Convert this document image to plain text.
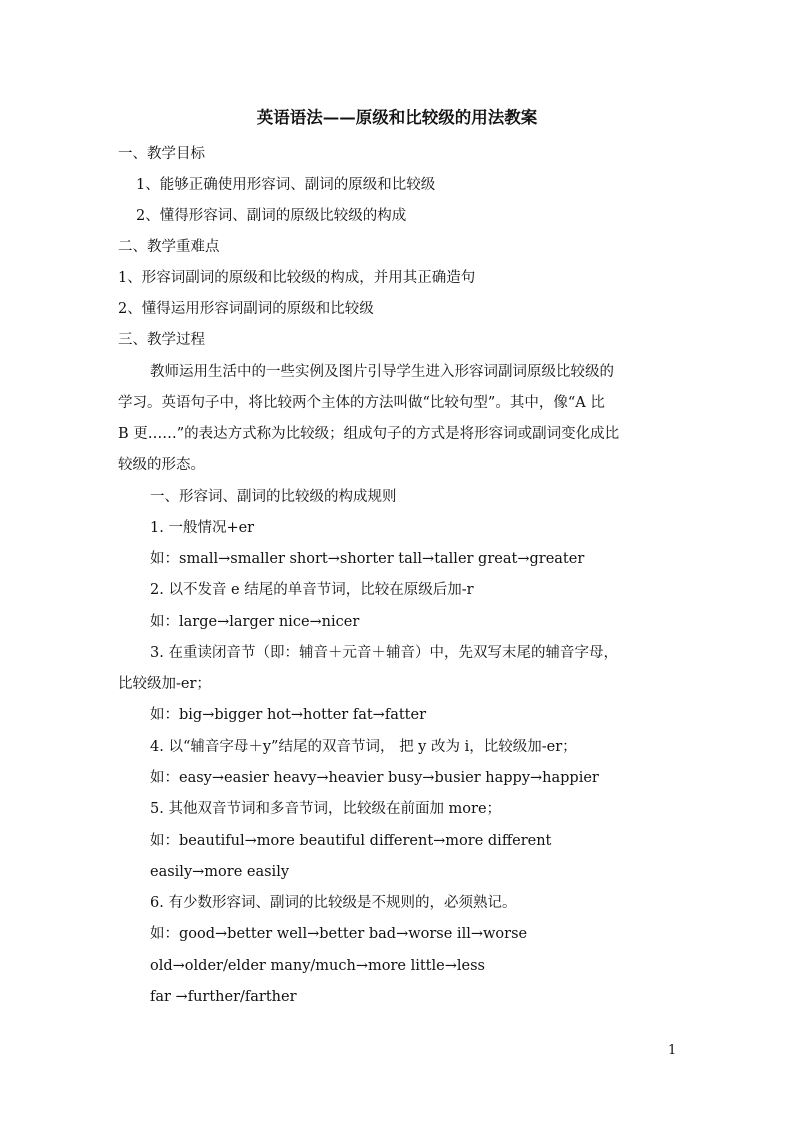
英语语法——原级和比较级的用法教案
一、教学目标
1、能够正确使用形容词、副词的原级和比较级
2、懂得形容词、副词的原级比较级的构成
二、教学重难点
1、形容词副词的原级和比较级的构成，并用其正确造句
2、懂得运用形容词副词的原级和比较级
三、教学过程
教师运用生活中的一些实例及图片引导学生进入形容词副词原级比较级的
学习。英语句子中，将比较两个主体的方法叫做“比较句型”。其中，像“A 比
B 更……”的表达方式称为比较级；组成句子的方式是将形容词或副词变化成比
较级的形态。
一、形容词、副词的比较级的构成规则
1. 一般情况+er
如：small→smaller short→shorter tall→taller great→greater
2. 以不发音 e 结尾的单音节词，比较在原级后加-r
如：large→larger nice→nicer
3. 在重读闭音节（即：辅音＋元音＋辅音）中，先双写末尾的辅音字母，
比较级加-er；
如：big→bigger hot→hotter fat→fatter
4. 以“辅音字母＋y”结尾的双音节词， 把 y 改为 i，比较级加-er；
如：easy→easier heavy→heavier busy→busier happy→happier
5. 其他双音节词和多音节词，比较级在前面加 more；
如：beautiful→more beautiful different→more different
easily→more easily
6. 有少数形容词、副词的比较级是不规则的，必须熟记。
如：good→better well→better bad→worse ill→worse
old→older/elder many/much→more little→less
far →further/farther
1
